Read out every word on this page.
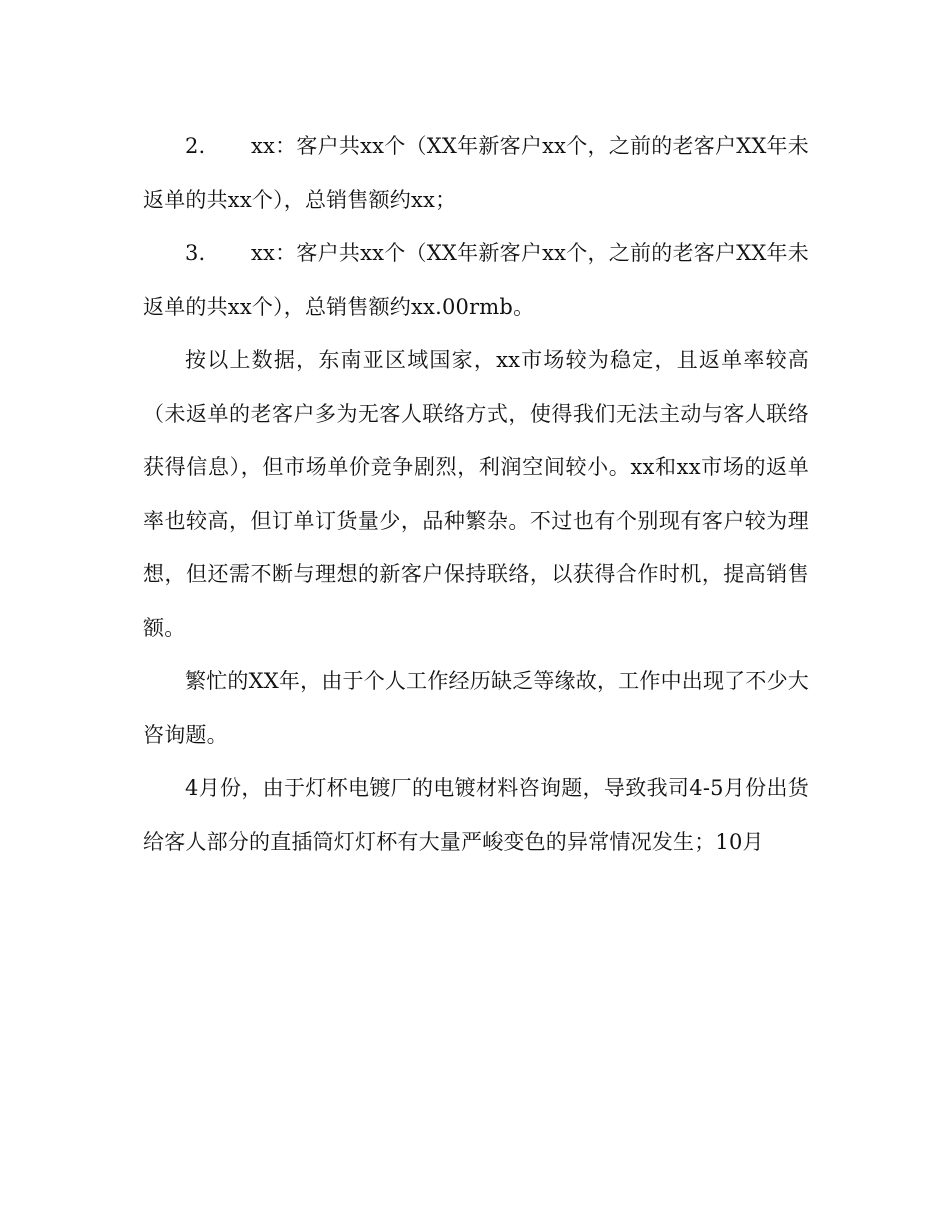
2. xx：客户共xx个（XX年新客户xx个，之前的老客户XX年未返单的共xx个），总销售额约xx；

3. xx：客户共xx个（XX年新客户xx个，之前的老客户XX年未返单的共xx个），总销售额约xx.00rmb。

按以上数据，东南亚区域国家，xx市场较为稳定，且返单率较高（未返单的老客户多为无客人联络方式，使得我们无法主动与客人联络获得信息），但市场单价竞争剧烈，利润空间较小。xx和xx市场的返单率也较高，但订单订货量少，品种繁杂。不过也有个别现有客户较为理想，但还需不断与理想的新客户保持联络，以获得合作时机，提高销售额。

繁忙的XX年，由于个人工作经历缺乏等缘故，工作中出现了不少大咨询题。

4月份，由于灯杯电镀厂的电镀材料咨询题，导致我司4-5月份出货给客人部分的直插筒灯灯杯有大量严峻变色的异常情况发生；10月
